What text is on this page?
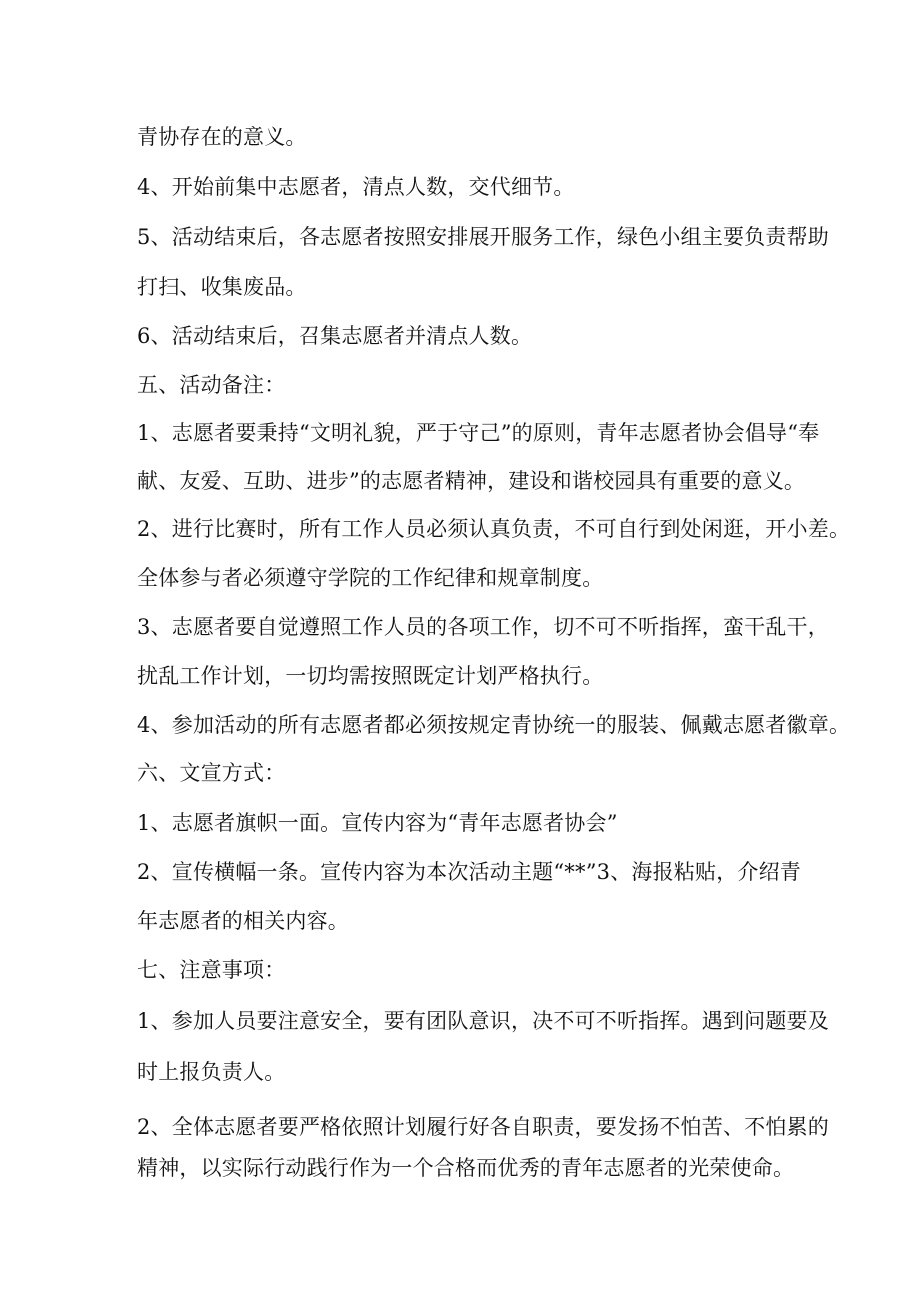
青协存在的意义。
4、开始前集中志愿者，清点人数，交代细节。
5、活动结束后，各志愿者按照安排展开服务工作，绿色小组主要负责帮助
打扫、收集废品。
6、活动结束后，召集志愿者并清点人数。
五、活动备注：
1、志愿者要秉持“文明礼貌，严于守己”的原则，青年志愿者协会倡导“奉
献、友爱、互助、进步”的志愿者精神，建设和谐校园具有重要的意义。
2、进行比赛时，所有工作人员必须认真负责，不可自行到处闲逛，开小差。
全体参与者必须遵守学院的工作纪律和规章制度。
3、志愿者要自觉遵照工作人员的各项工作，切不可不听指挥，蛮干乱干，
扰乱工作计划，一切均需按照既定计划严格执行。
4、参加活动的所有志愿者都必须按规定青协统一的服装、佩戴志愿者徽章。
六、文宣方式：
1、志愿者旗帜一面。宣传内容为“青年志愿者协会”
2、宣传横幅一条。宣传内容为本次活动主题“**”3、海报粘贴，介绍青
年志愿者的相关内容。
七、注意事项：
1、参加人员要注意安全，要有团队意识，决不可不听指挥。遇到问题要及
时上报负责人。
2、全体志愿者要严格依照计划履行好各自职责，要发扬不怕苦、不怕累的
精神，以实际行动践行作为一个合格而优秀的青年志愿者的光荣使命。
